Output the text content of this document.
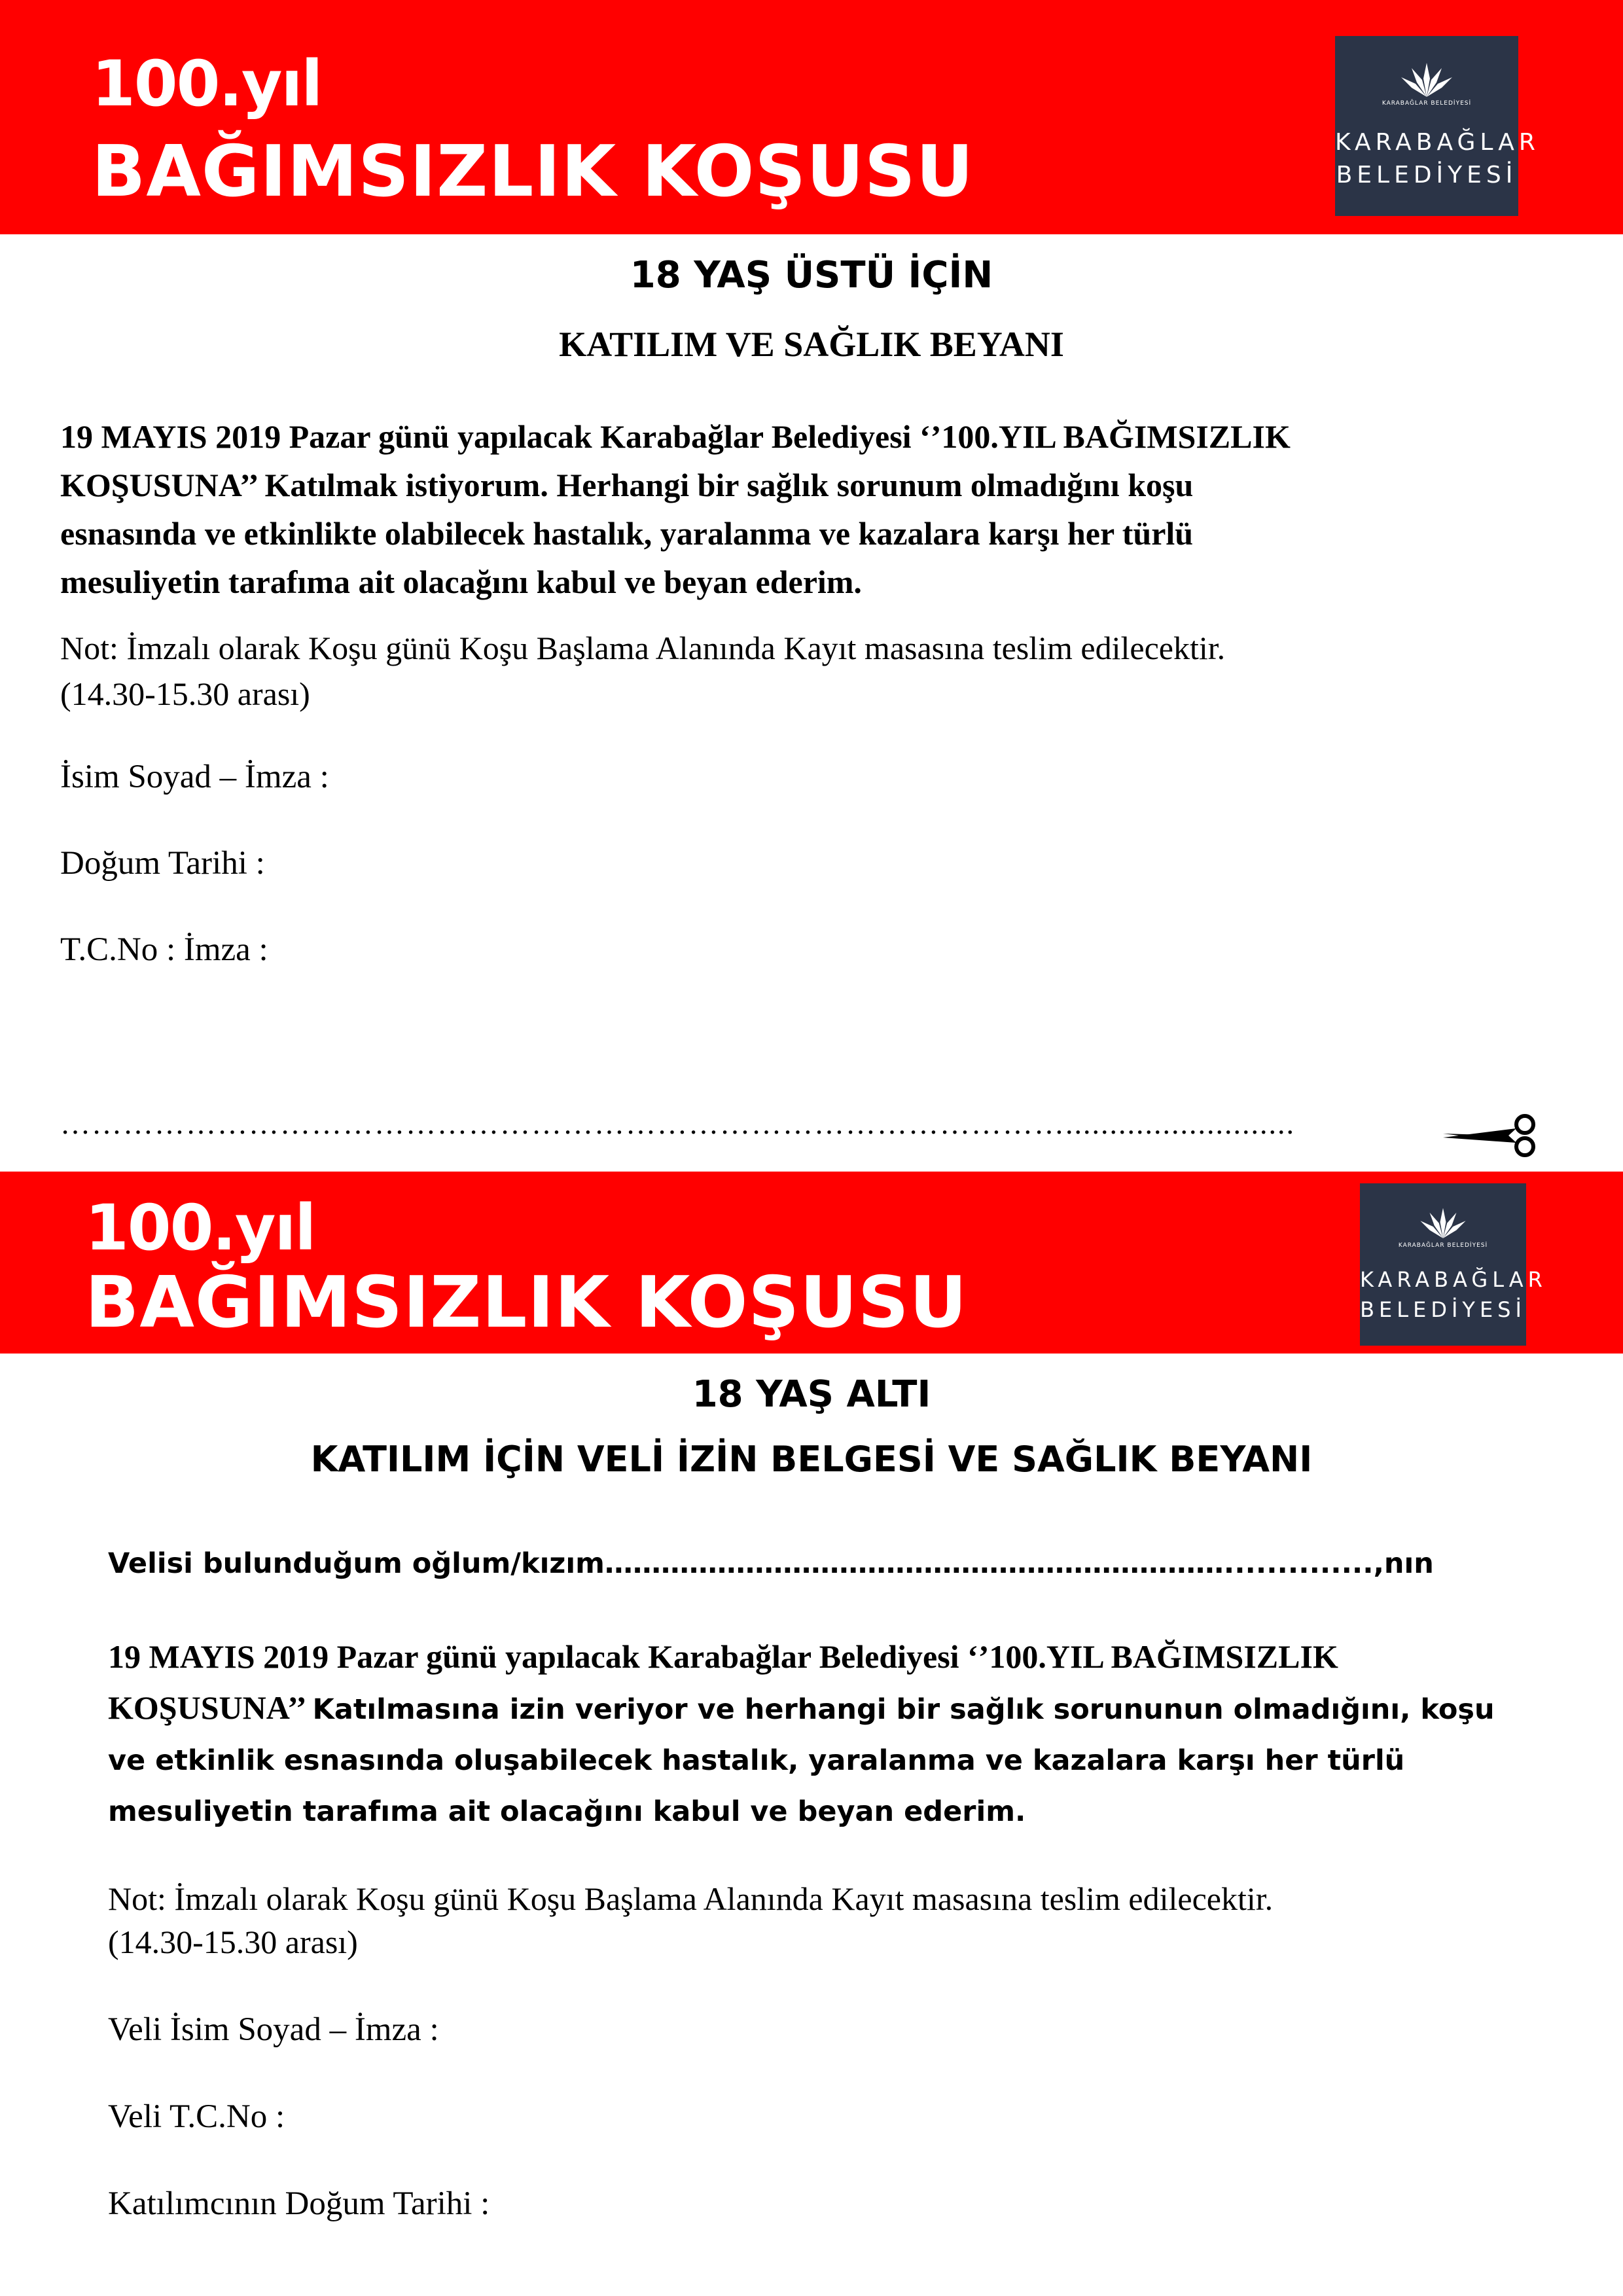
100.yıl
BAĞIMSIZLIK KOŞUSU
KARABAĞLAR BELEDİYESİ
KARABAĞLAR
BELEDİYESİ
18 YAŞ ÜSTÜ İÇİN
KATILIM VE SAĞLIK BEYANI
19 MAYIS 2019 Pazar günü yapılacak Karabağlar Belediyesi ‘’100.YIL BAĞIMSIZLIK
KOŞUSUNA’’ Katılmak istiyorum. Herhangi bir sağlık sorunum olmadığını koşu
esnasında ve etkinlikte olabilecek hastalık, yaralanma ve kazalara karşı her türlü
mesuliyetin tarafıma ait olacağını kabul ve beyan ederim.
Not: İmzalı olarak Koşu günü Koşu Başlama Alanında Kayıt masasına teslim edilecektir.
(14.30-15.30 arası)
İsim Soyad – İmza :
Doğum Tarihi :
T.C.No : İmza :
……………………………………………………………………………………..........................
100.yıl
BAĞIMSIZLIK KOŞUSU
KARABAĞLAR BELEDİYESİ
KARABAĞLAR
BELEDİYESİ
18 YAŞ ALTI
KATILIM İÇİN VELİ İZİN BELGESİ VE SAĞLIK BEYANI
Velisi bulunduğum oğlum/kızım…………………………………………………………..............,nın
19 MAYIS 2019 Pazar günü yapılacak Karabağlar Belediyesi ‘’100.YIL BAĞIMSIZLIK
KOŞUSUNA’’ Katılmasına izin veriyor ve herhangi bir sağlık sorununun olmadığını, koşu
ve etkinlik esnasında oluşabilecek hastalık, yaralanma ve kazalara karşı her türlü
mesuliyetin tarafıma ait olacağını kabul ve beyan ederim.
Not: İmzalı olarak Koşu günü Koşu Başlama Alanında Kayıt masasına teslim edilecektir.
(14.30-15.30 arası)
Veli İsim Soyad – İmza :
Veli T.C.No :
Katılımcının Doğum Tarihi :
